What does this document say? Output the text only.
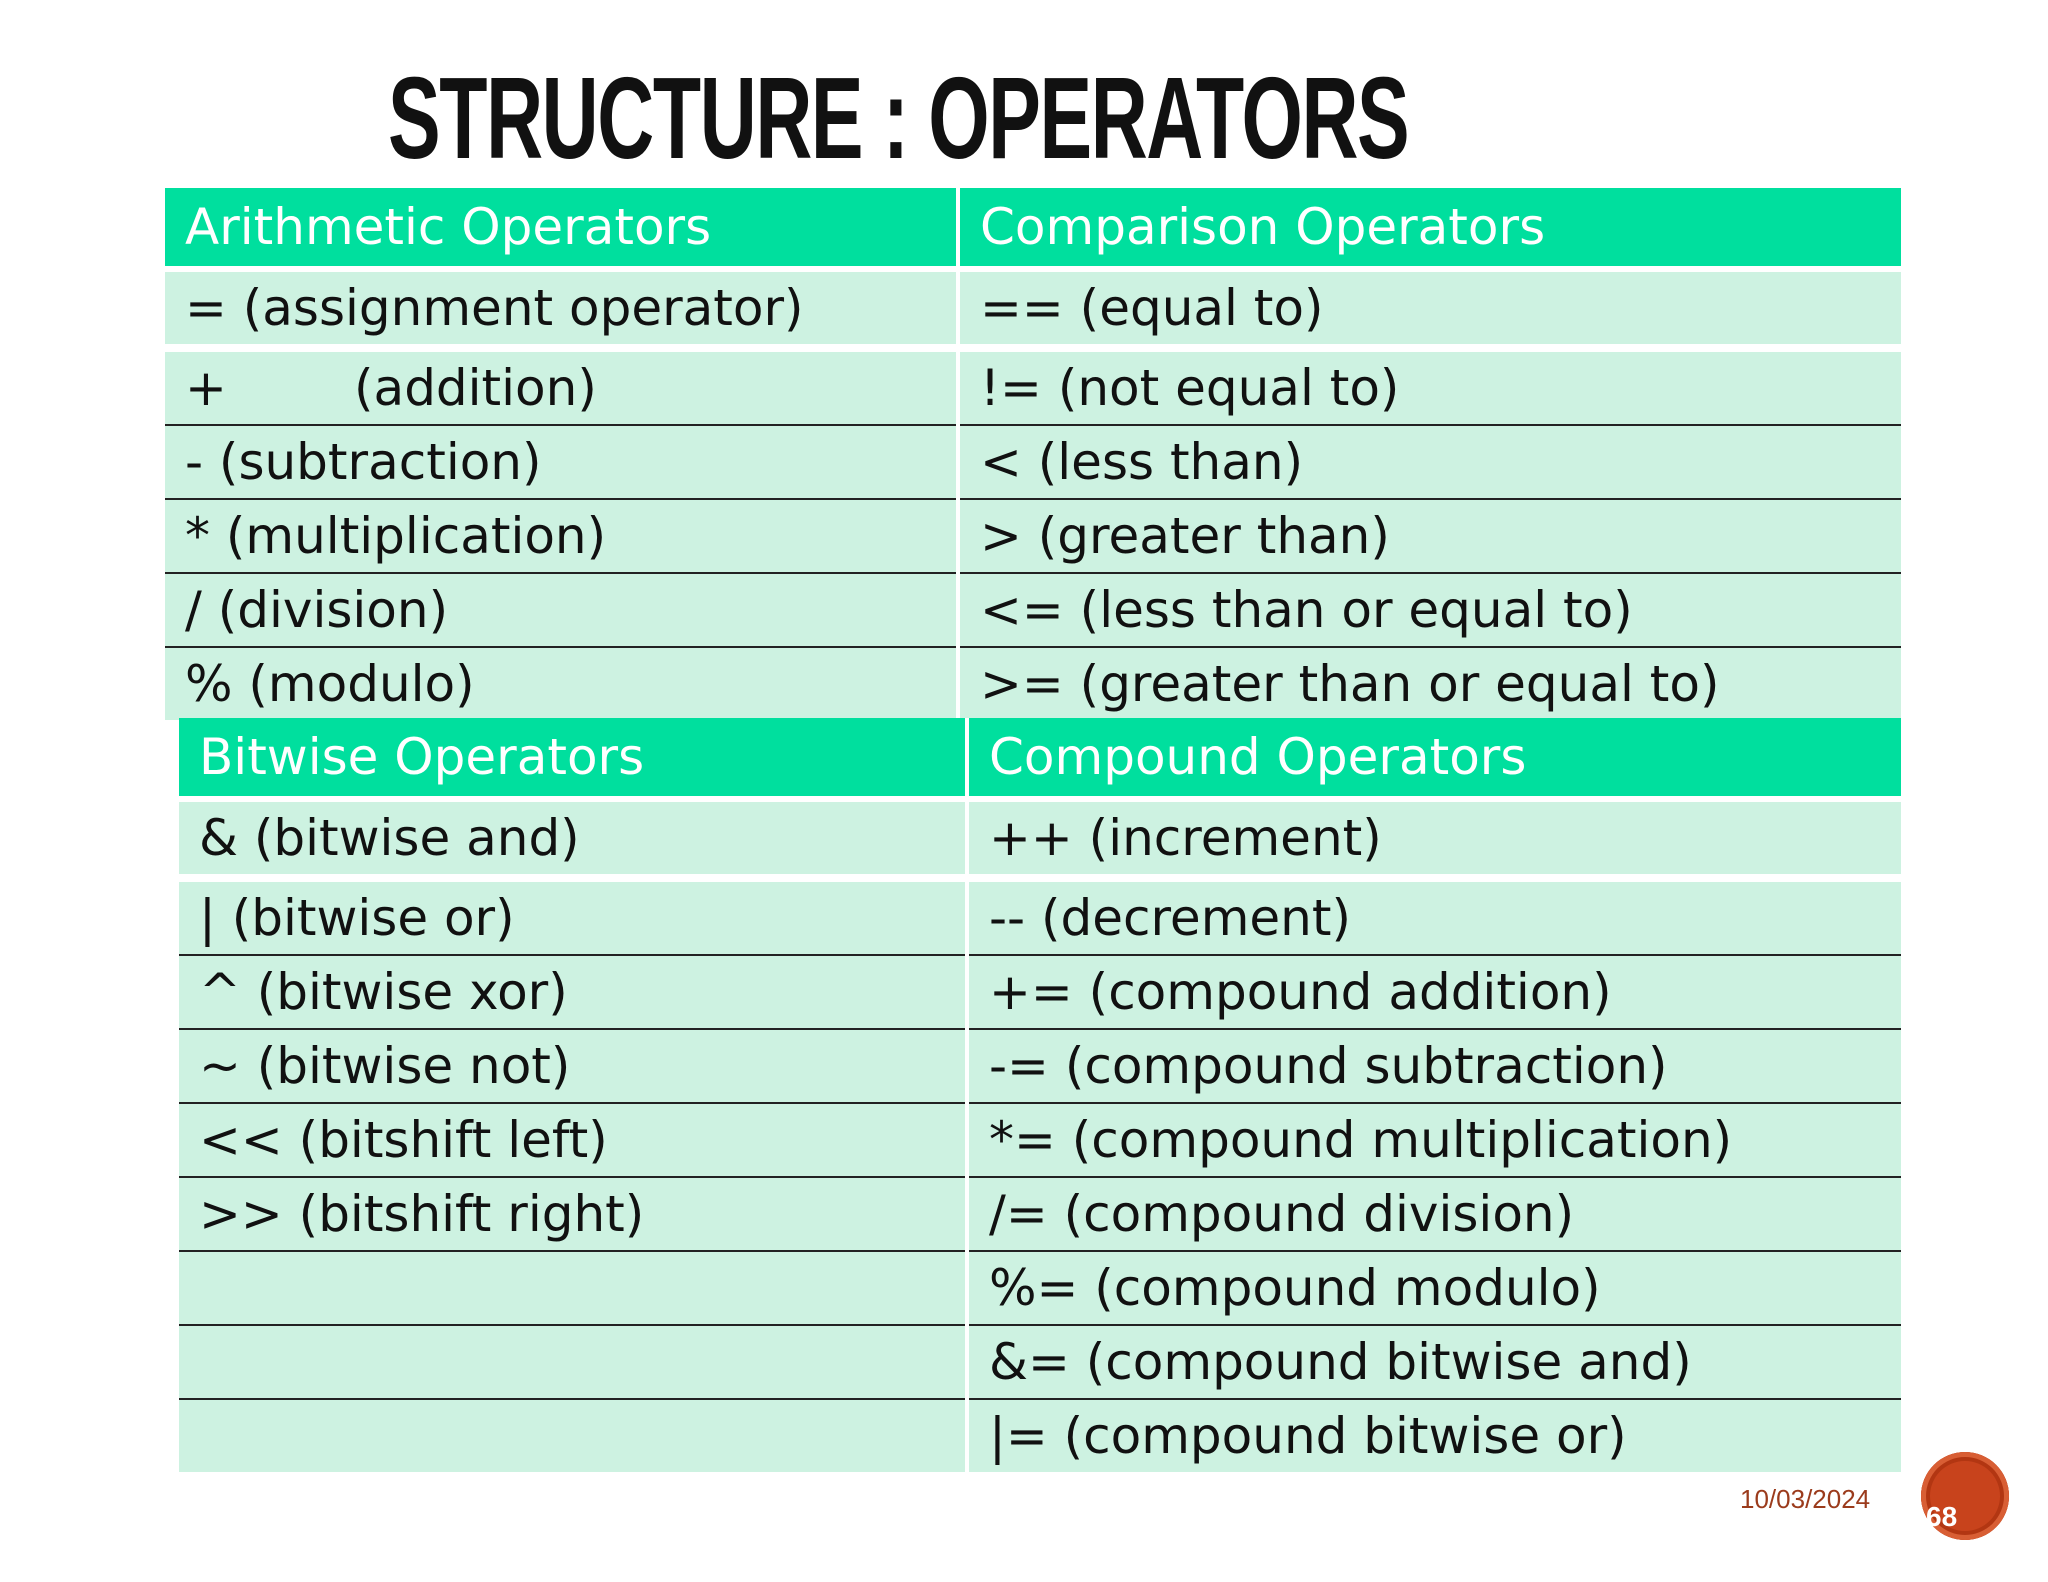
STRUCTURE : OPERATORS
Arithmetic Operators	Comparison Operators

= (assignment operator)	== (equal to)
+        (addition)	!= (not equal to)
- (subtraction)	< (less than)
* (multiplication)	> (greater than)
/ (division)	<= (less than or equal to)
% (modulo)	>= (greater than or equal to)
Bitwise Operators	Compound Operators

& (bitwise and)	++ (increment)
| (bitwise or)	-- (decrement)
^ (bitwise xor)	+= (compound addition)
~ (bitwise not)	-= (compound subtraction)
<< (bitshift left)	*= (compound multiplication)
>> (bitshift right)	/= (compound division)
	%= (compound modulo)
	&= (compound bitwise and)
	|= (compound bitwise or)
10/03/2024
68
